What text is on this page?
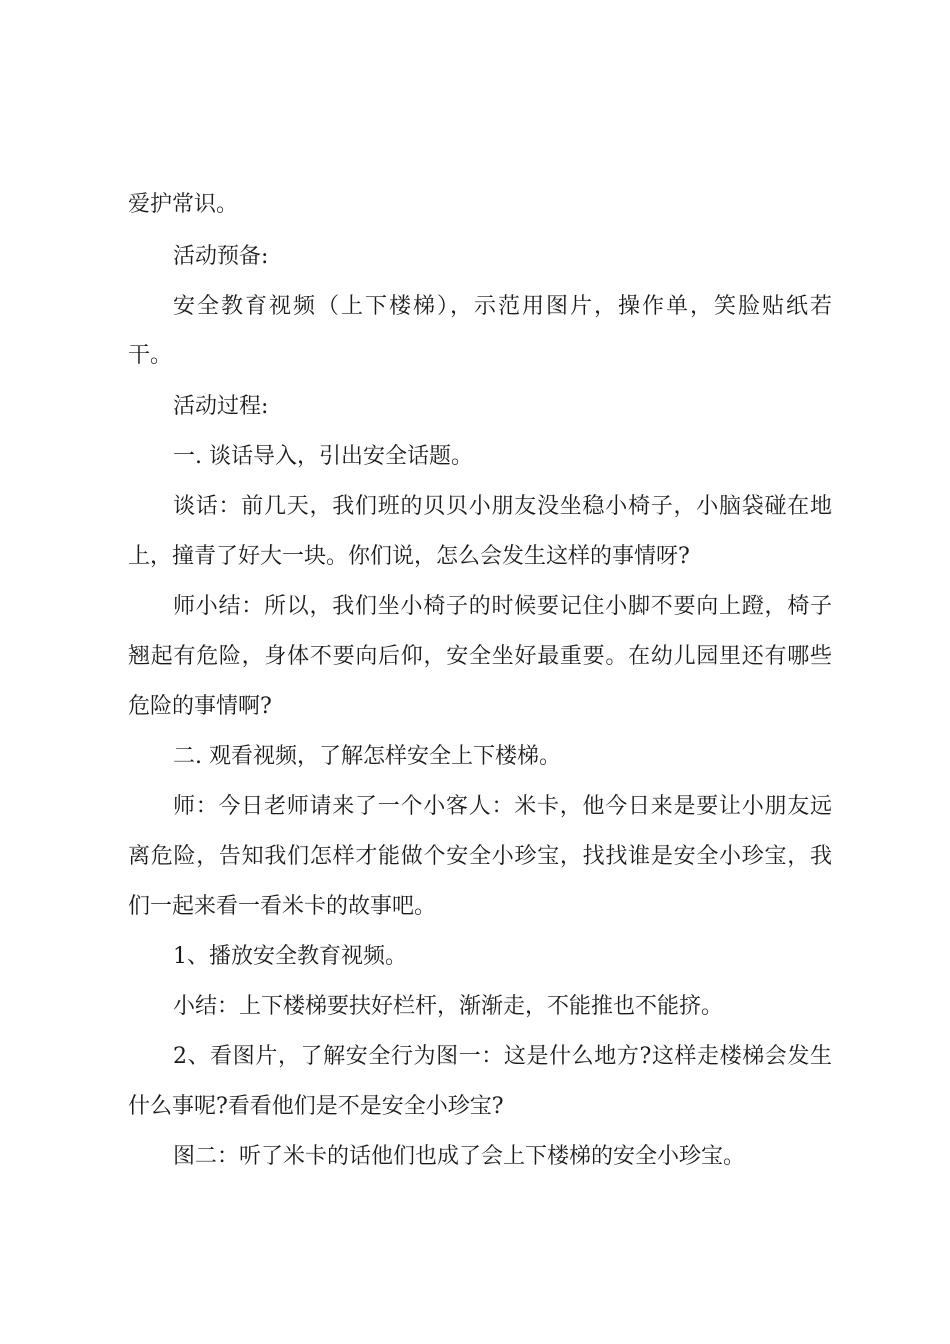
爱护常识。
活动预备:
安全教育视频（上下楼梯），示范用图片，操作单，笑脸贴纸若
干。
活动过程:
一. 谈话导入，引出安全话题。
谈话：前几天，我们班的贝贝小朋友没坐稳小椅子，小脑袋碰在地
上，撞青了好大一块。你们说，怎么会发生这样的事情呀?
师小结：所以，我们坐小椅子的时候要记住小脚不要向上蹬，椅子
翘起有危险，身体不要向后仰，安全坐好最重要。在幼儿园里还有哪些
危险的事情啊?
二. 观看视频，了解怎样安全上下楼梯。
师：今日老师请来了一个小客人：米卡，他今日来是要让小朋友远
离危险，告知我们怎样才能做个安全小珍宝，找找谁是安全小珍宝，我
们一起来看一看米卡的故事吧。
1、播放安全教育视频。
小结：上下楼梯要扶好栏杆，渐渐走，不能推也不能挤。
2、看图片，了解安全行为图一：这是什么地方?这样走楼梯会发生
什么事呢?看看他们是不是安全小珍宝?
图二：听了米卡的话他们也成了会上下楼梯的安全小珍宝。
